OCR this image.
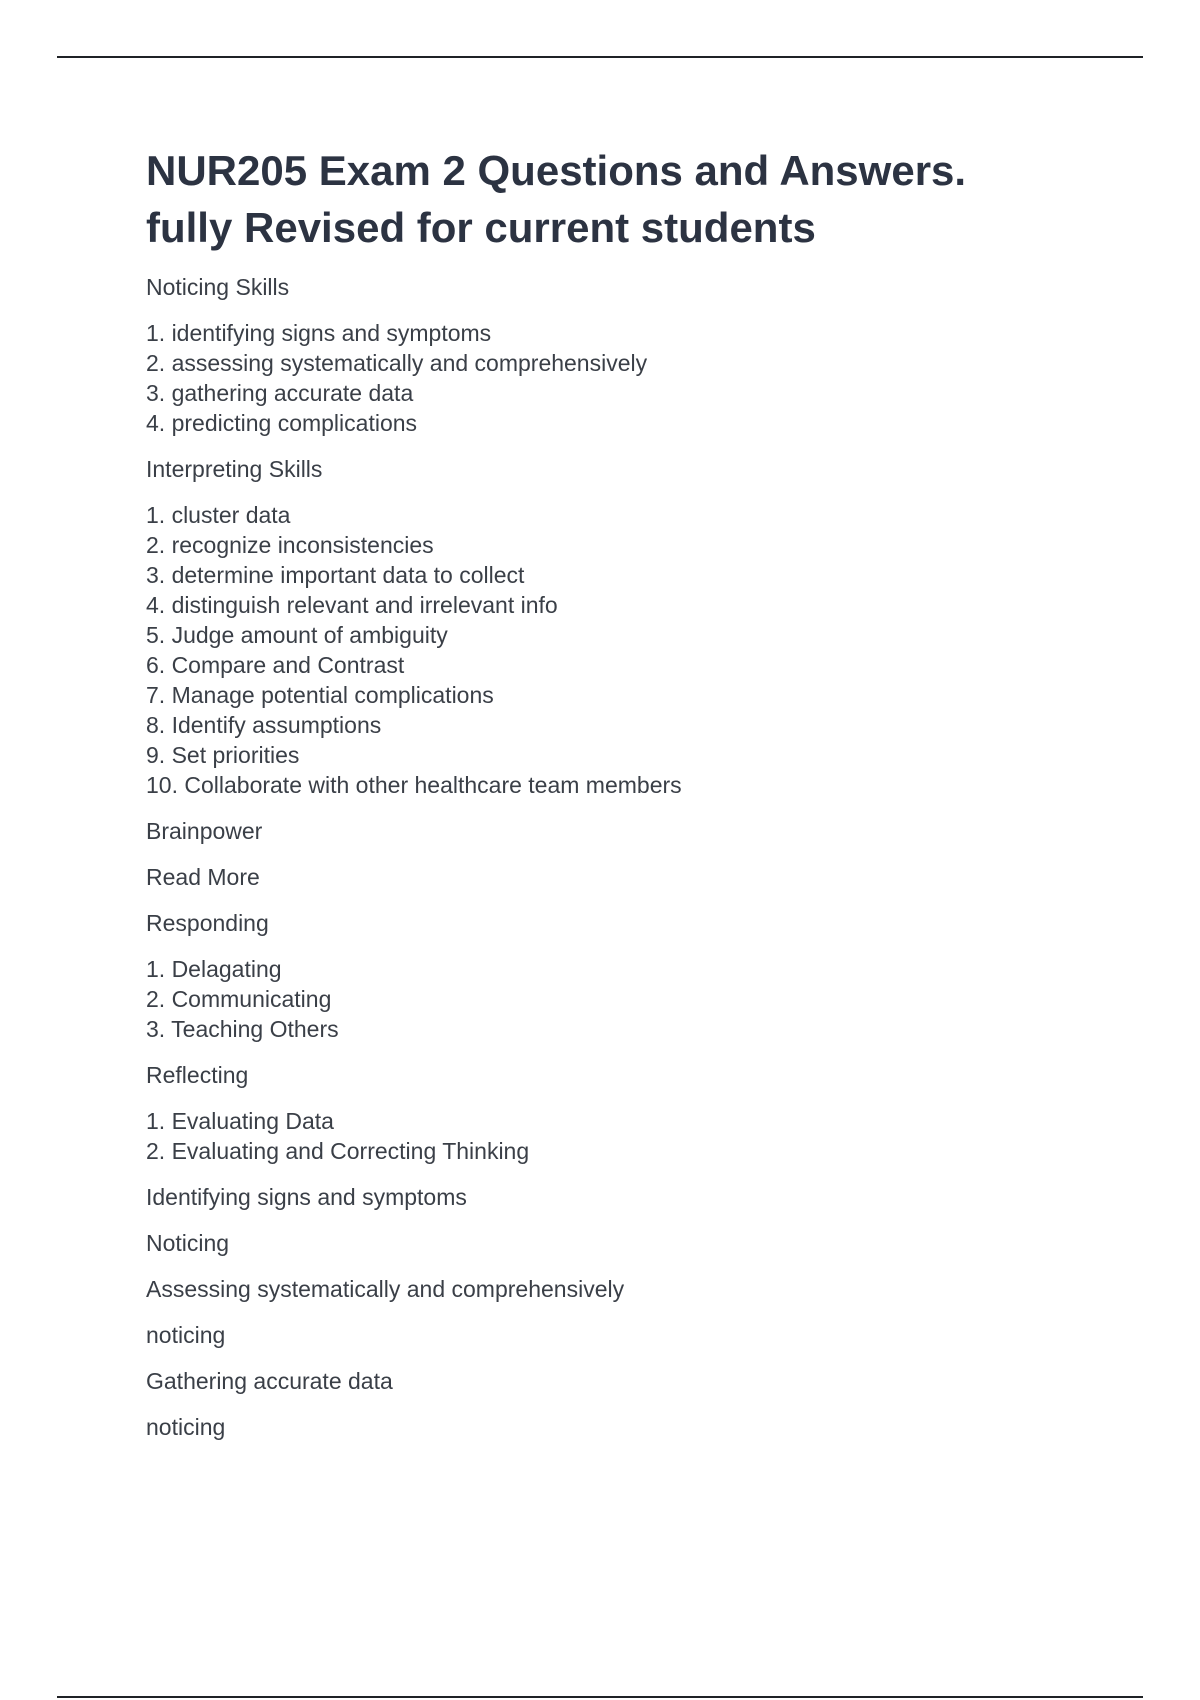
NUR205 Exam 2 Questions and Answers.
fully Revised for current students

Noticing Skills

1. identifying signs and symptoms
2. assessing systematically and comprehensively
3. gathering accurate data
4. predicting complications

Interpreting Skills

1. cluster data
2. recognize inconsistencies
3. determine important data to collect
4. distinguish relevant and irrelevant info
5. Judge amount of ambiguity
6. Compare and Contrast
7. Manage potential complications
8. Identify assumptions
9. Set priorities
10. Collaborate with other healthcare team members

Brainpower

Read More

Responding

1. Delagating
2. Communicating
3. Teaching Others

Reflecting

1. Evaluating Data
2. Evaluating and Correcting Thinking

Identifying signs and symptoms

Noticing

Assessing systematically and comprehensively

noticing

Gathering accurate data

noticing
